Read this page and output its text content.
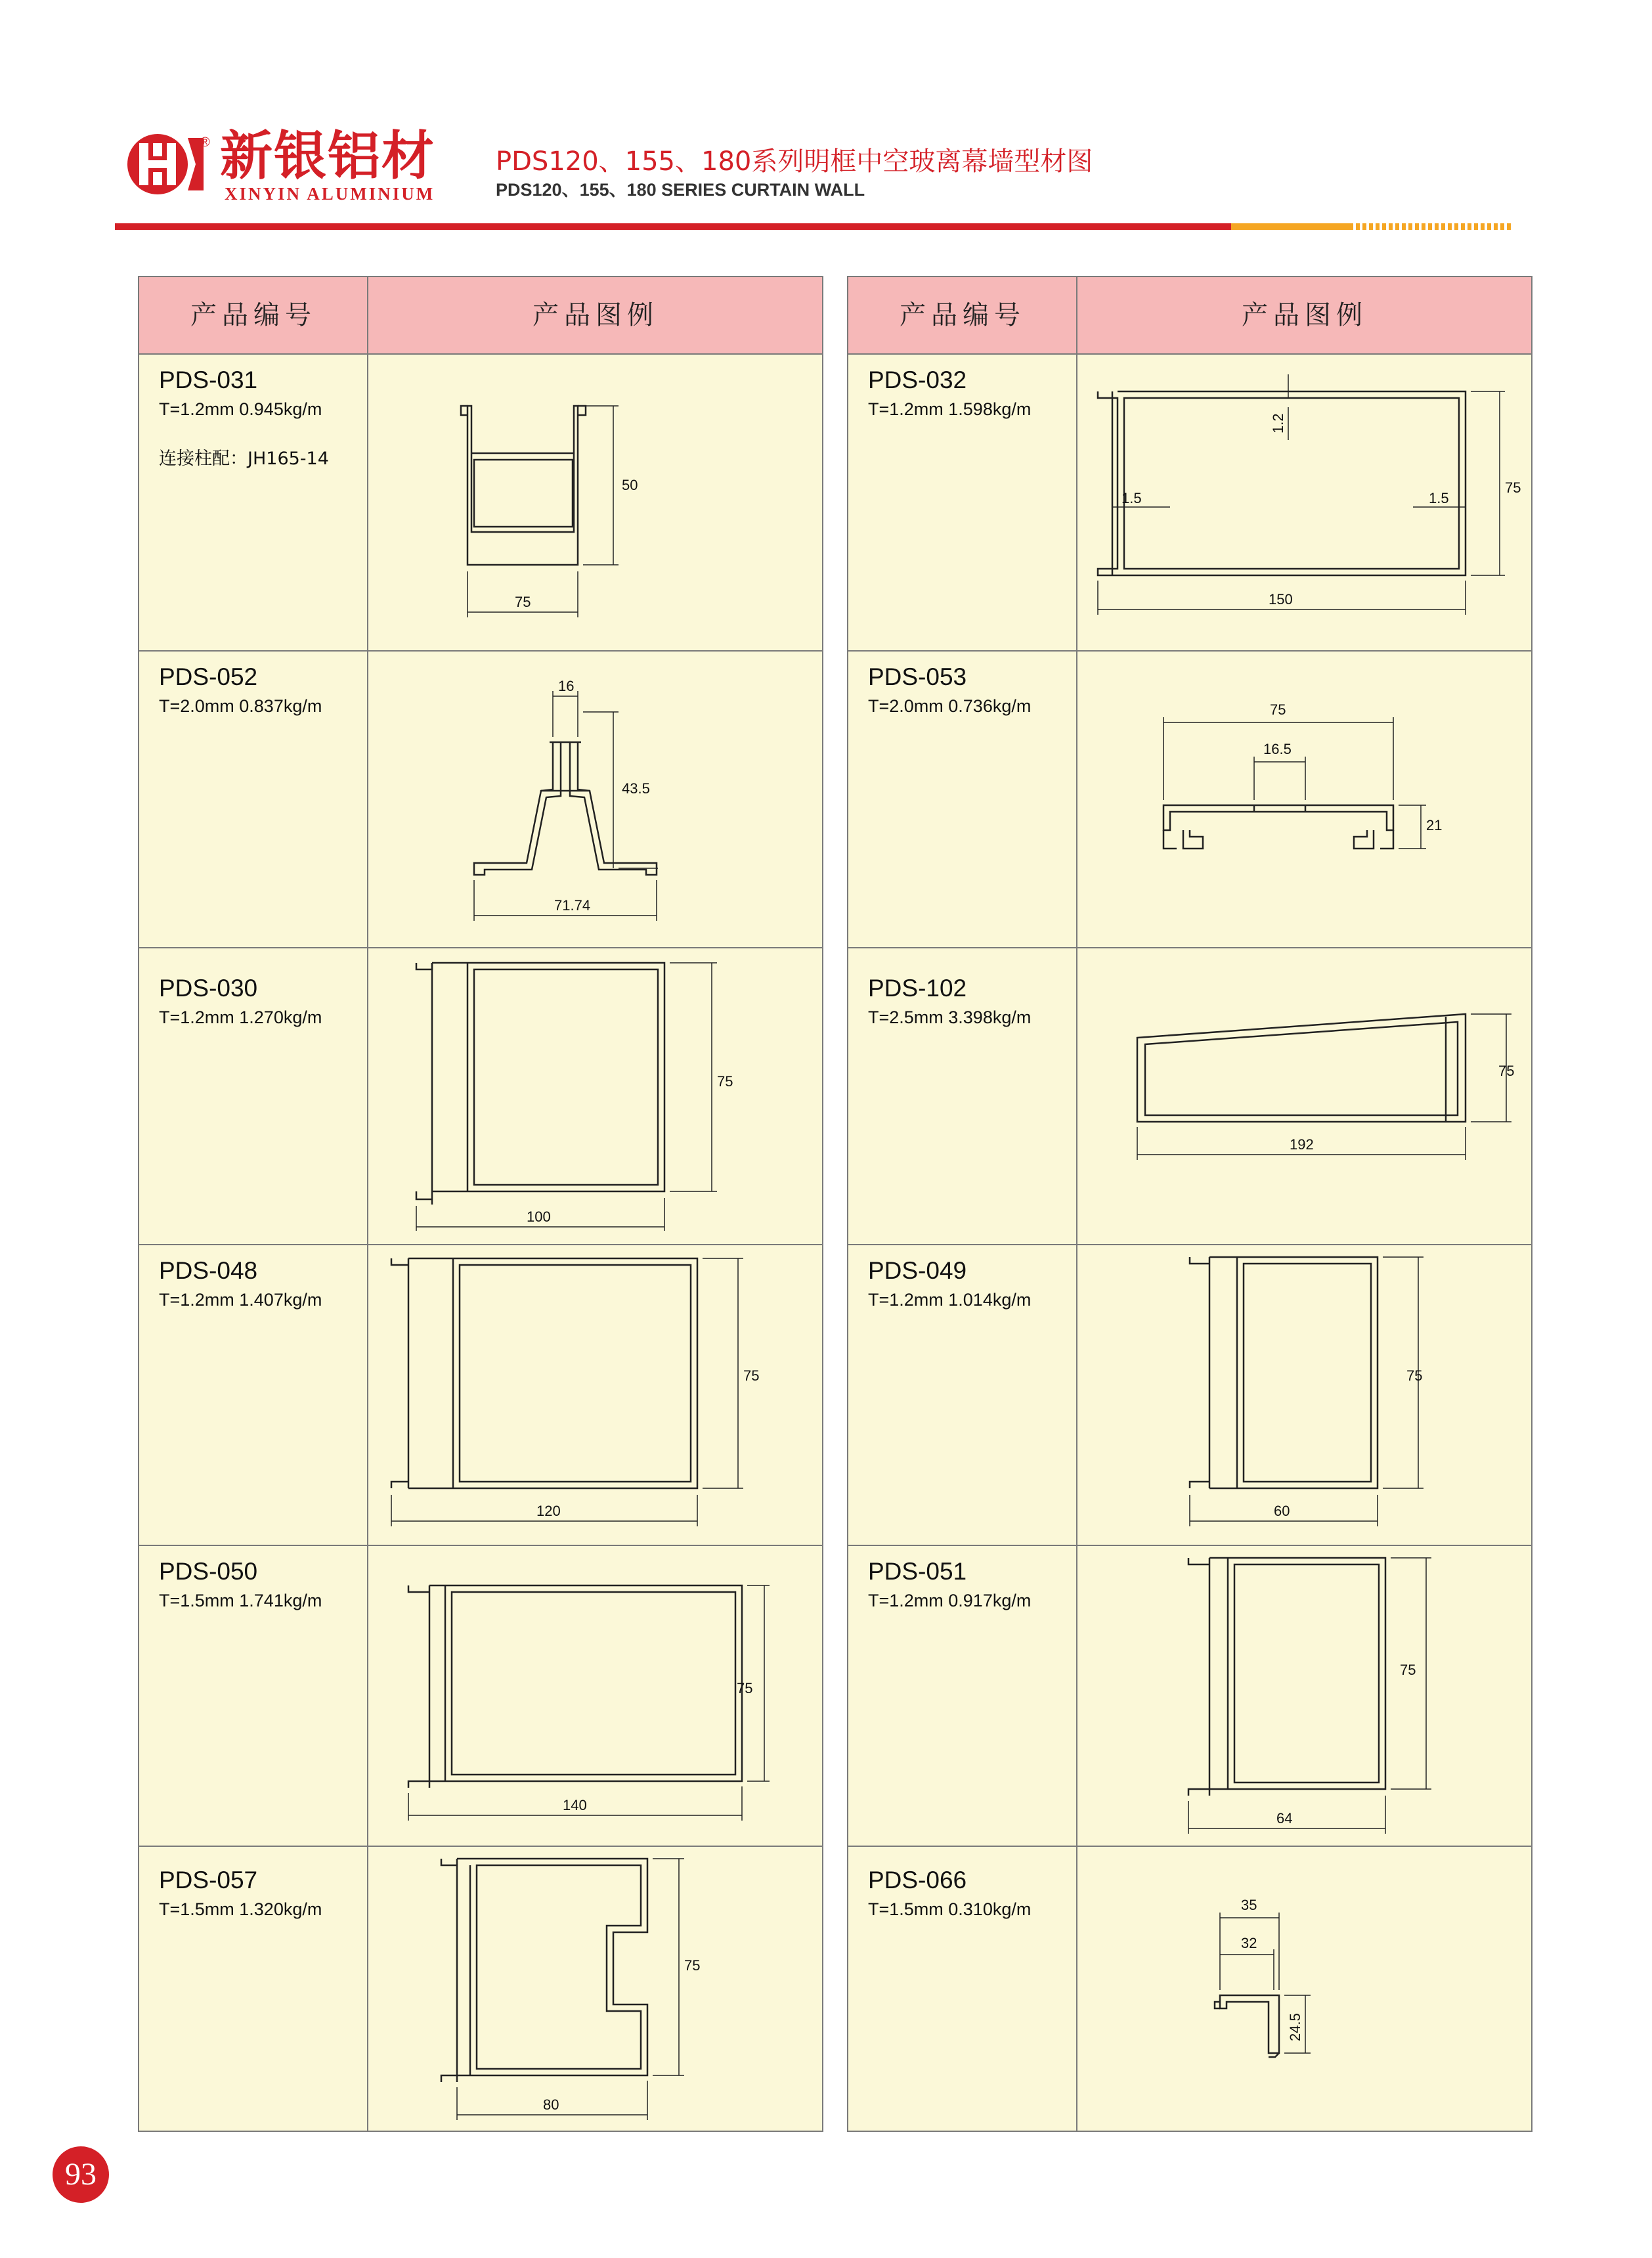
® 新银铝材
XINYIN ALUMINIUM
PDS120、155、180系列明框中空玻离幕墙型材图
PDS120、155、180 SERIES CURTAIN WALL
产品编号	产品图例
PDS-031
T=1.2mm 0.945kg/m
连接柱配：JH165-14
50
75
PDS-052
T=2.0mm 0.837kg/m
16
43.5
71.74
PDS-030
T=1.2mm 1.270kg/m
75
100
PDS-048
T=1.2mm 1.407kg/m
75
120
PDS-050
T=1.5mm 1.741kg/m
75
140
PDS-057
T=1.5mm 1.320kg/m
75
80
产品编号	产品图例
PDS-032
T=1.2mm 1.598kg/m
1.2
75
1.5	1.5
150
PDS-053
T=2.0mm 0.736kg/m	75
16.5
21
PDS-102
T=2.5mm 3.398kg/m
75
192
PDS-049
T=1.2mm 1.014kg/m
75
60
PDS-051
T=1.2mm 0.917kg/m
75
64
PDS-066
T=1.5mm 0.310kg/m	35
32
24.5
93
